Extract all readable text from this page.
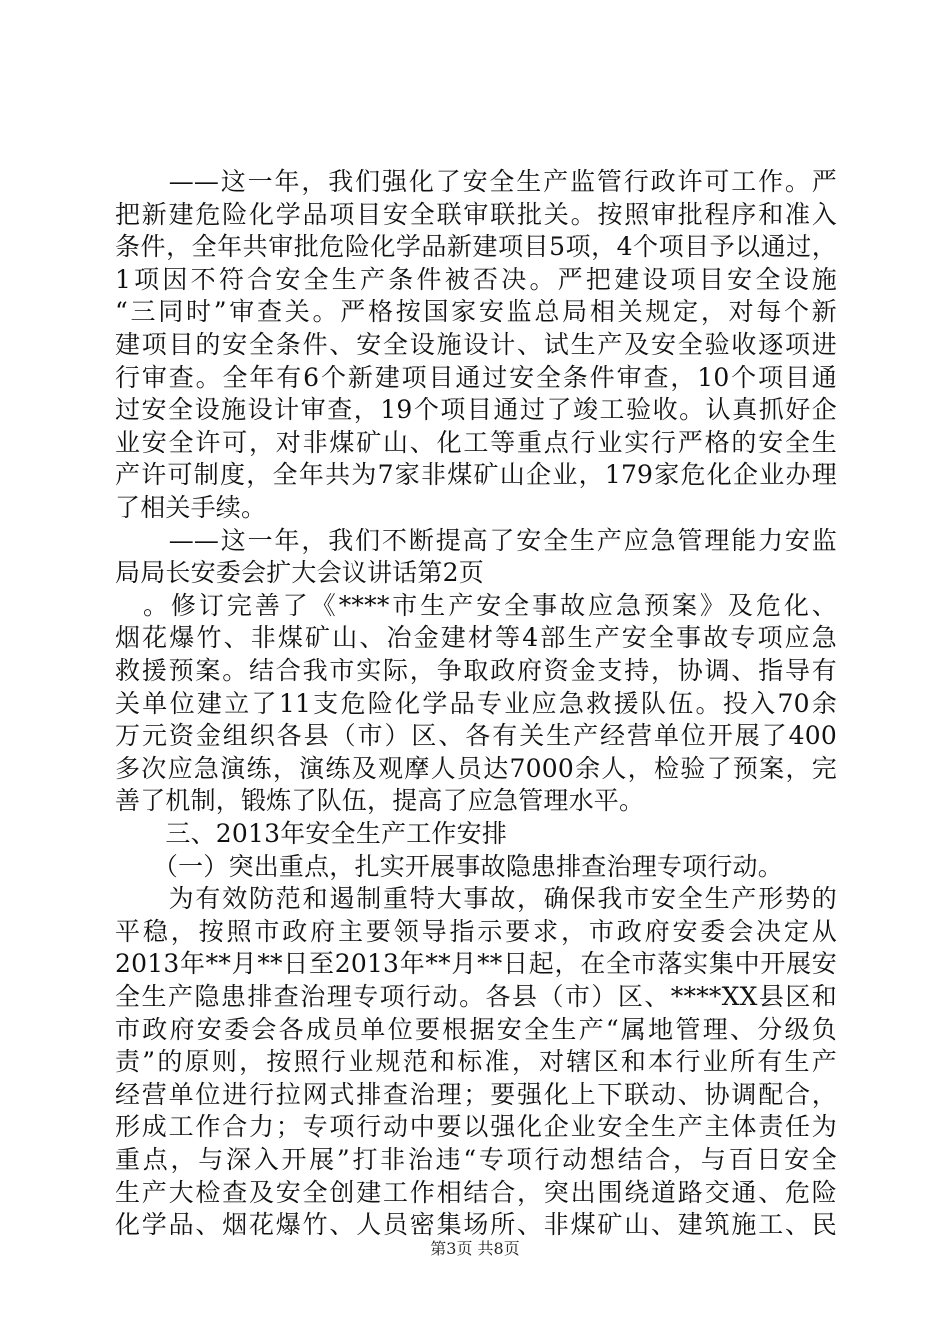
　　——这一年，我们强化了安全生产监管行政许可工作。严
把新建危险化学品项目安全联审联批关。按照审批程序和准入
条件，全年共审批危险化学品新建项目5项，4个项目予以通过，
1项因不符合安全生产条件被否决。严把建设项目安全设施
“三同时”审查关。严格按国家安监总局相关规定，对每个新
建项目的安全条件、安全设施设计、试生产及安全验收逐项进
行审查。全年有6个新建项目通过安全条件审查，10个项目通
过安全设施设计审查，19个项目通过了竣工验收。认真抓好企
业安全许可，对非煤矿山、化工等重点行业实行严格的安全生
产许可制度，全年共为7家非煤矿山企业，179家危化企业办理
了相关手续。
　　——这一年，我们不断提高了安全生产应急管理能力安监
局局长安委会扩大会议讲话第2页
　。修订完善了《****市生产安全事故应急预案》及危化、
烟花爆竹、非煤矿山、冶金建材等4部生产安全事故专项应急
救援预案。结合我市实际，争取政府资金支持，协调、指导有
关单位建立了11支危险化学品专业应急救援队伍。投入70余
万元资金组织各县（市）区、各有关生产经营单位开展了400
多次应急演练，演练及观摩人员达7000余人，检验了预案，完
善了机制，锻炼了队伍，提高了应急管理水平。
　　三、2013年安全生产工作安排
　　（一）突出重点，扎实开展事故隐患排查治理专项行动。
　　为有效防范和遏制重特大事故，确保我市安全生产形势的
平稳，按照市政府主要领导指示要求，市政府安委会决定从
2013年**月**日至2013年**月**日起，在全市落实集中开展安
全生产隐患排查治理专项行动。各县（市）区、****XX县区和
市政府安委会各成员单位要根据安全生产“属地管理、分级负
责”的原则，按照行业规范和标准，对辖区和本行业所有生产
经营单位进行拉网式排查治理；要强化上下联动、协调配合，
形成工作合力；专项行动中要以强化企业安全生产主体责任为
重点，与深入开展”打非治违“专项行动想结合，与百日安全
生产大检查及安全创建工作相结合，突出围绕道路交通、危险
化学品、烟花爆竹、人员密集场所、非煤矿山、建筑施工、民
第3页 共8页
